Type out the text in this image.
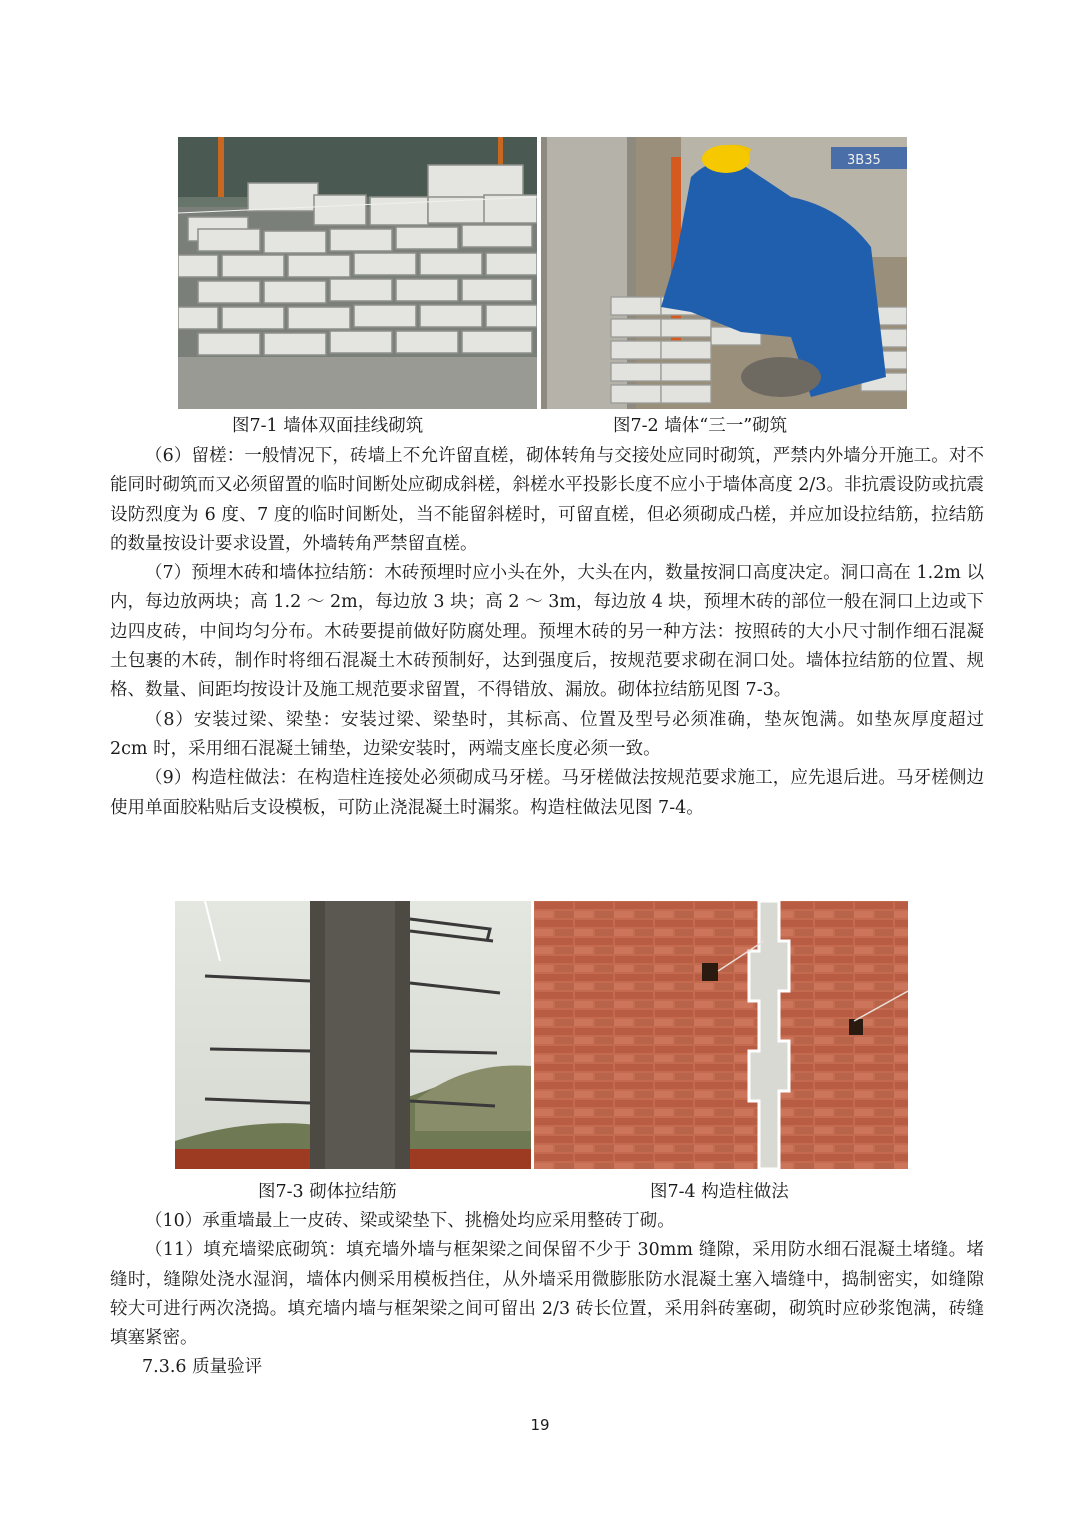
3B35
图7-1 墙体双面挂线砌筑	图7-2 墙体“三一”砌筑

（6）留槎：一般情况下，砖墙上不允许留直槎，砌体转角与交接处应同时砌筑，严禁内外墙分开施工。对不能同时砌筑而又必须留置的临时间断处应砌成斜槎，斜槎水平投影长度不应小于墙体高度 2/3。非抗震设防或抗震设防烈度为 6 度、7 度的临时间断处，当不能留斜槎时，可留直槎，但必须砌成凸槎，并应加设拉结筋，拉结筋的数量按设计要求设置，外墙转角严禁留直槎。

（7）预埋木砖和墙体拉结筋：木砖预埋时应小头在外，大头在内，数量按洞口高度决定。洞口高在 1.2m 以内，每边放两块；高 1.2 ～ 2m，每边放 3 块；高 2 ～ 3m，每边放 4 块，预埋木砖的部位一般在洞口上边或下边四皮砖，中间均匀分布。木砖要提前做好防腐处理。预埋木砖的另一种方法：按照砖的大小尺寸制作细石混凝土包裹的木砖，制作时将细石混凝土木砖预制好，达到强度后，按规范要求砌在洞口处。墙体拉结筋的位置、规格、数量、间距均按设计及施工规范要求留置，不得错放、漏放。砌体拉结筋见图 7-3。

（8）安装过梁、梁垫：安装过梁、梁垫时，其标高、位置及型号必须准确，垫灰饱满。如垫灰厚度超过 2cm 时，采用细石混凝土铺垫，边梁安装时，两端支座长度必须一致。

（9）构造柱做法：在构造柱连接处必须砌成马牙槎。马牙槎做法按规范要求施工，应先退后进。马牙槎侧边使用单面胶粘贴后支设模板，可防止浇混凝土时漏浆。构造柱做法见图 7-4。

图7-3 砌体拉结筋	图7-4 构造柱做法

（10）承重墙最上一皮砖、梁或梁垫下、挑檐处均应采用整砖丁砌。

（11）填充墙梁底砌筑：填充墙外墙与框架梁之间保留不少于 30mm 缝隙，采用防水细石混凝土堵缝。堵缝时，缝隙处浇水湿润，墙体内侧采用模板挡住，从外墙采用微膨胀防水混凝土塞入墙缝中，捣制密实，如缝隙较大可进行两次浇捣。填充墙内墙与框架梁之间可留出 2/3 砖长位置，采用斜砖塞砌，砌筑时应砂浆饱满，砖缝填塞紧密。

7.3.6 质量验评

19
